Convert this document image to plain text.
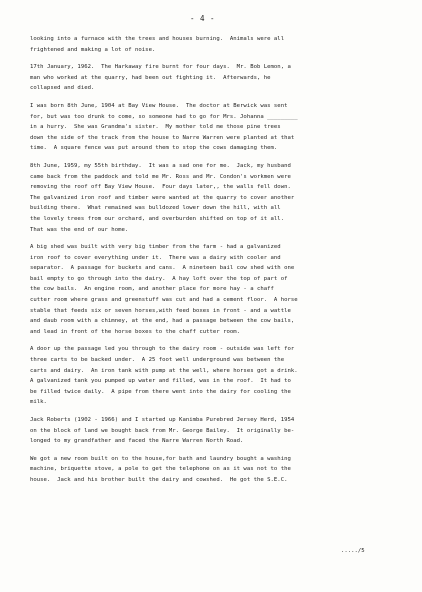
- 4 -

looking into a furnace with the trees and houses burning.  Animals were all
frightened and making a lot of noise.

17th January, 1962.  The Harkaway fire burnt for four days.  Mr. Bob Lemon, a
man who worked at the quarry, had been out fighting it.  Afterwards, he
collapsed and died.

I was born 8th June, 1904 at Bay View House.  The doctor at Berwick was sent
for, but was too drunk to come, so someone had to go for Mrs. Johanna _________
in a hurry.  She was Grandma's sister.  My mother told me those pine trees
down the side of the track from the house to Narre Warren were planted at that
time.  A square fence was put around them to stop the cows damaging them.

8th June, 1959, my 55th birthday.  It was a sad one for me.  Jack, my husband
came back from the paddock and told me Mr. Ross and Mr. Condon's workmen were
removing the roof off Bay View House.  Four days later,, the walls fell down.
The galvanized iron roof and timber were wanted at the quarry to cover another
building there.  What remained was bulldozed lower down the hill, with all
the lovely trees from our orchard, and overburden shifted on top of it all.
That was the end of our home.

A big shed was built with very big timber from the farm - had a galvanized
iron roof to cover everything under it.  There was a dairy with cooler and
separator.  A passage for buckets and cans.  A nineteen bail cow shed with one
bail empty to go through into the dairy.  A hay loft over the top of part of
the cow bails.  An engine room, and another place for more hay - a chaff
cutter room where grass and greenstuff was cut and had a cement floor.  A horse
stable that feeds six or seven horses,with feed boxes in front - and a wattle
and daub room with a chimney, at the end, had a passage between the cow bails,
and lead in front of the horse boxes to the chaff cutter room.

A door up the passage led you through to the dairy room - outside was left for
three carts to be backed under.  A 25 foot well underground was between the
carts and dairy.  An iron tank with pump at the well, where horses got a drink.
A galvanized tank you pumped up water and filled, was in the roof.  It had to
be filled twice daily.  A pipe from there went into the dairy for cooling the
milk.

Jack Roberts (1902 - 1966) and I started up Kanimba Purebred Jersey Herd, 1954
on the block of land we bought back from Mr. George Bailey.  It originally be-
longed to my grandfather and faced the Narre Warren North Road.

We got a new room built on to the house,for bath and laundry bought a washing
machine, briquette stove, a pole to get the telephone on as it was not to the
house.  Jack and his brother built the dairy and cowshed.  He got the S.E.C.

...../5
